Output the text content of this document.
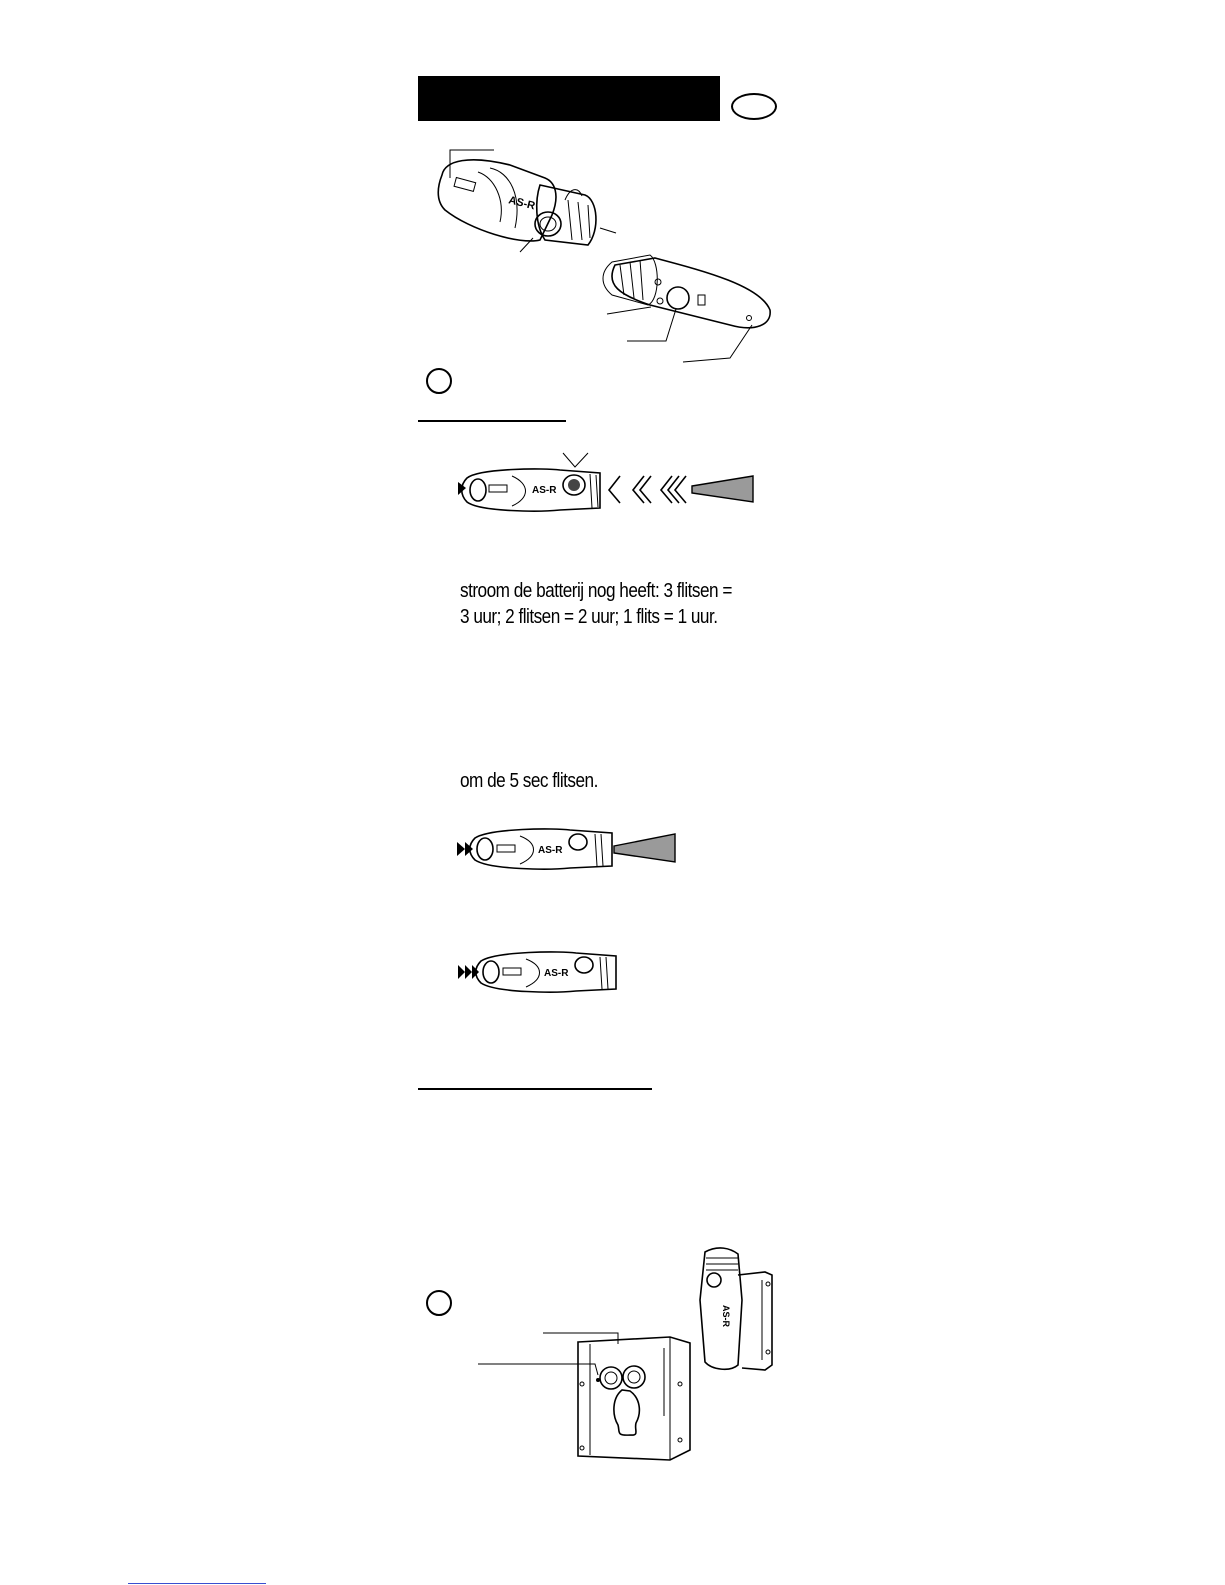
AS-R
AS-R
stroom de batterij nog heeft: 3 flitsen =
3 uur; 2 flitsen = 2 uur; 1 flits = 1 uur.
om de 5 sec flitsen.
AS-R
AS-R
AS-R
